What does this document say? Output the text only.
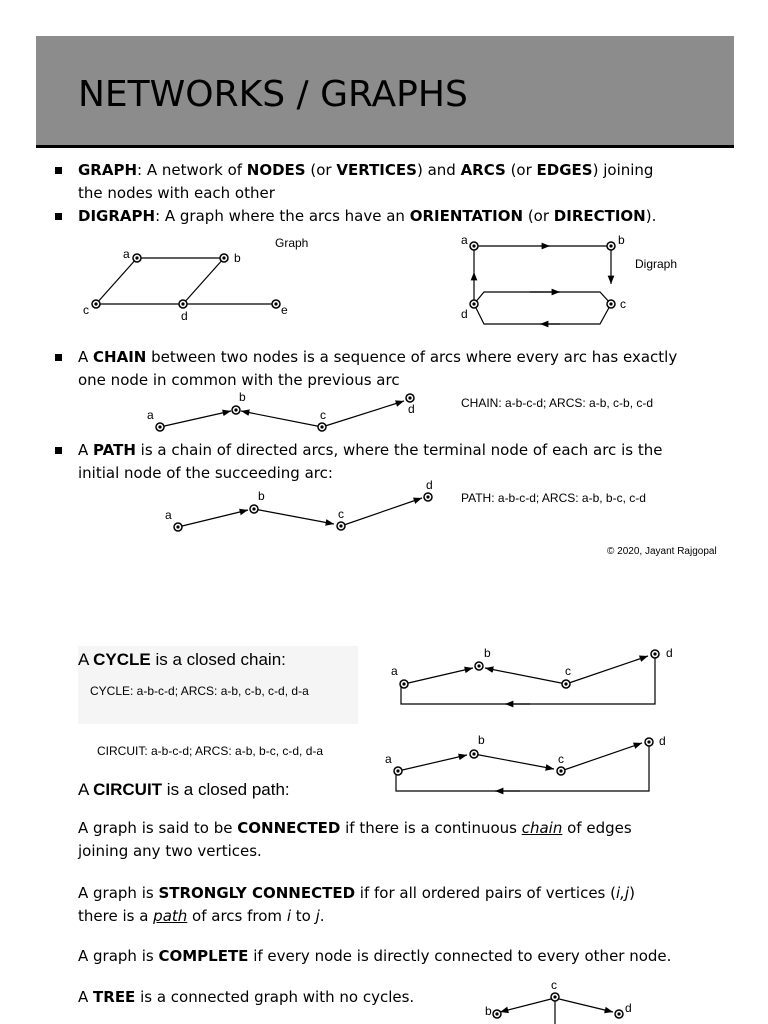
NETWORKS / GRAPHS
GRAPH: A network of NODES (or VERTICES) and ARCS (or EDGES) joining
the nodes with each other
DIGRAPH: A graph where the arcs have an ORIENTATION (or DIRECTION).
A CHAIN between two nodes is a sequence of arcs where every arc has exactly
one node in common with the previous arc
A PATH is a chain of directed arcs, where the terminal node of each arc is the
initial node of the succeeding arc:
© 2020, Jayant Rajgopal
A CYCLE is a closed chain:
CYCLE: a-b-c-d; ARCS: a-b, c-b, c-d, d-a
CIRCUIT: a-b-c-d; ARCS: a-b, b-c, c-d, d-a
A CIRCUIT is a closed path:
A graph is said to be CONNECTED if there is a continuous chain of edges
joining any two vertices.
A graph is STRONGLY CONNECTED if for all ordered pairs of vertices (i,j)
there is a path of arcs from i to j.
A graph is COMPLETE if every node is directly connected to every other node.
A TREE is a connected graph with no cycles.
a	b
c	d	e
Graph	a	b
c
d
Digraph
a
b
c	d	CHAIN: a-b-c-d; ARCS: a-b, c-b, c-d
a
b
c
d
PATH: a-b-c-d; ARCS: a-b, b-c, c-d
a
b
c
d
a
b
c
d
c
b	d
